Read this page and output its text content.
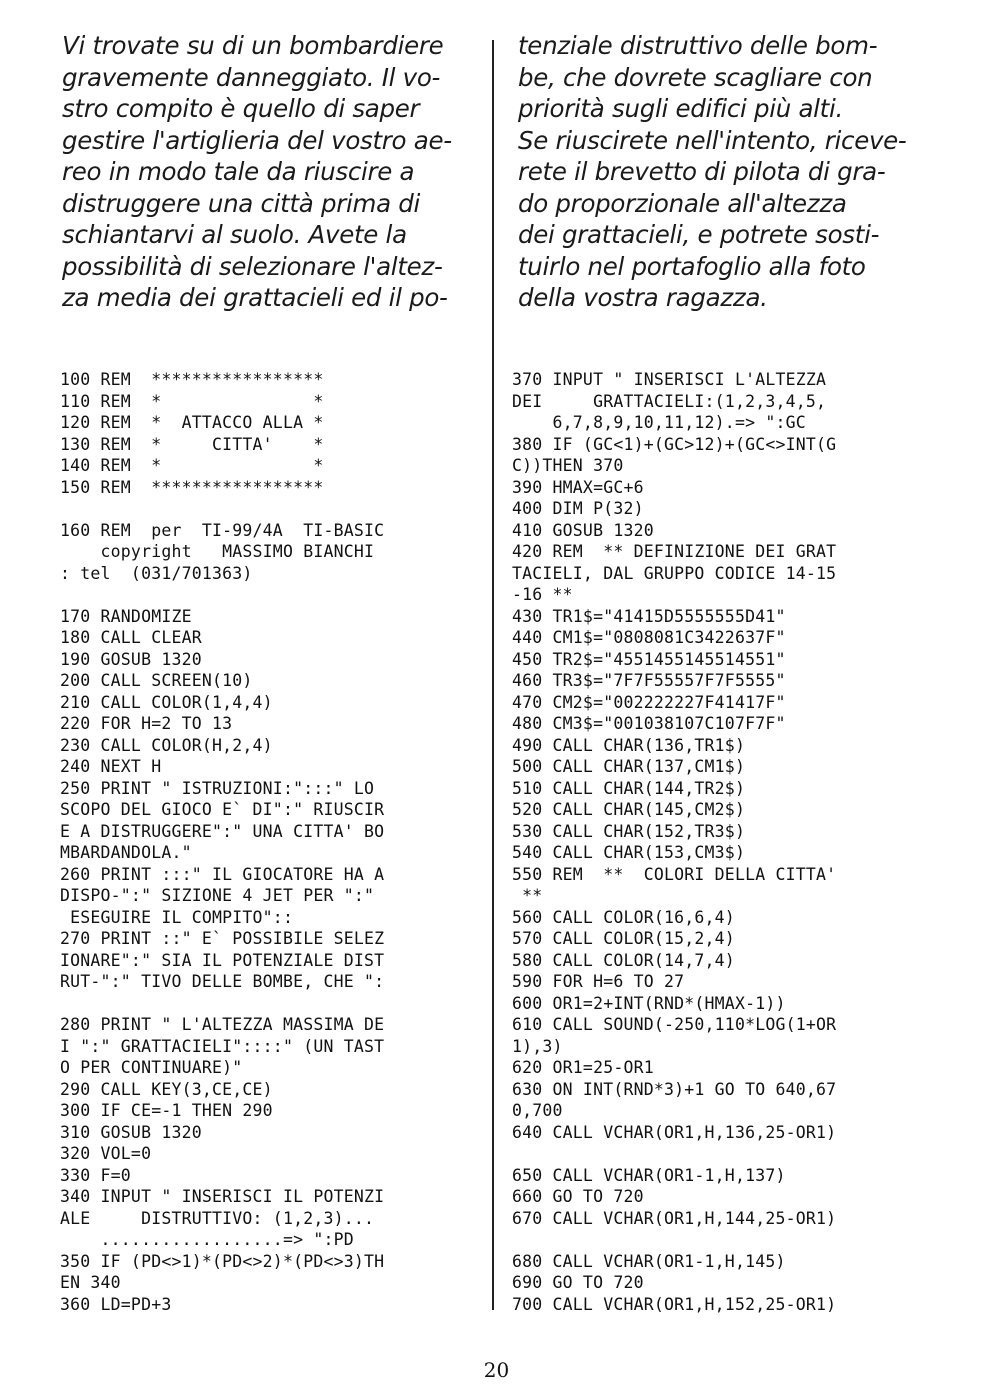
Vi trovate su di un bombardiere
gravemente danneggiato. Il vo-
stro compito è quello di saper
gestire l'artiglieria del vostro ae-
reo in modo tale da riuscire a
distruggere una città prima di
schiantarvi al suolo. Avete la
possibilità di selezionare l'altez-
za media dei grattacieli ed il po-
tenziale distruttivo delle bom-
be, che dovrete scagliare con
priorità sugli edifici più alti.
Se riuscirete nell'intento, riceve-
rete il brevetto di pilota di gra-
do proporzionale all'altezza
dei grattacieli, e potrete sosti-
tuirlo nel portafoglio alla foto
della vostra ragazza.
100 REM  *****************
110 REM  *               *
120 REM  *  ATTACCO ALLA *
130 REM  *     CITTA'    *
140 REM  *               *
150 REM  *****************
160 REM  per  TI-99/4A  TI-BASIC
copyright   MASSIMO BIANCHI
: tel  (031/701363)
170 RANDOMIZE
180 CALL CLEAR
190 GOSUB 1320
200 CALL SCREEN(10)
210 CALL COLOR(1,4,4)
220 FOR H=2 TO 13
230 CALL COLOR(H,2,4)
240 NEXT H
250 PRINT " ISTRUZIONI:":::" LO
SCOPO DEL GIOCO E` DI":" RIUSCIR
E A DISTRUGGERE":" UNA CITTA' BO
MBARDANDOLA."
260 PRINT :::" IL GIOCATORE HA A
DISPO-":" SIZIONE 4 JET PER ":"
ESEGUIRE IL COMPITO"::
270 PRINT ::" E` POSSIBILE SELEZ
IONARE":" SIA IL POTENZIALE DIST
RUT-":" TIVO DELLE BOMBE, CHE ":
280 PRINT " L'ALTEZZA MASSIMA DE
I ":" GRATTACIELI"::::" (UN TAST
O PER CONTINUARE)"
290 CALL KEY(3,CE,CE)
300 IF CE=-1 THEN 290
310 GOSUB 1320
320 VOL=0
330 F=0
340 INPUT " INSERISCI IL POTENZI
ALE     DISTRUTTIVO: (1,2,3)...
..................=> ":PD
350 IF (PD<>1)*(PD<>2)*(PD<>3)TH
EN 340
360 LD=PD+3
370 INPUT " INSERISCI L'ALTEZZA
DEI     GRATTACIELI:(1,2,3,4,5,
6,7,8,9,10,11,12).=> ":GC
380 IF (GC<1)+(GC>12)+(GC<>INT(G
C))THEN 370
390 HMAX=GC+6
400 DIM P(32)
410 GOSUB 1320
420 REM  ** DEFINIZIONE DEI GRAT
TACIELI, DAL GRUPPO CODICE 14-15
-16 **
430 TR1$="41415D5555555D41"
440 CM1$="0808081C3422637F"
450 TR2$="4551455145514551"
460 TR3$="7F7F55557F7F5555"
470 CM2$="002222227F41417F"
480 CM3$="001038107C107F7F"
490 CALL CHAR(136,TR1$)
500 CALL CHAR(137,CM1$)
510 CALL CHAR(144,TR2$)
520 CALL CHAR(145,CM2$)
530 CALL CHAR(152,TR3$)
540 CALL CHAR(153,CM3$)
550 REM  **  COLORI DELLA CITTA'
**
560 CALL COLOR(16,6,4)
570 CALL COLOR(15,2,4)
580 CALL COLOR(14,7,4)
590 FOR H=6 TO 27
600 OR1=2+INT(RND*(HMAX-1))
610 CALL SOUND(-250,110*LOG(1+OR
1),3)
620 OR1=25-OR1
630 ON INT(RND*3)+1 GO TO 640,67
0,700
640 CALL VCHAR(OR1,H,136,25-OR1)
650 CALL VCHAR(OR1-1,H,137)
660 GO TO 720
670 CALL VCHAR(OR1,H,144,25-OR1)
680 CALL VCHAR(OR1-1,H,145)
690 GO TO 720
700 CALL VCHAR(OR1,H,152,25-OR1)
20
